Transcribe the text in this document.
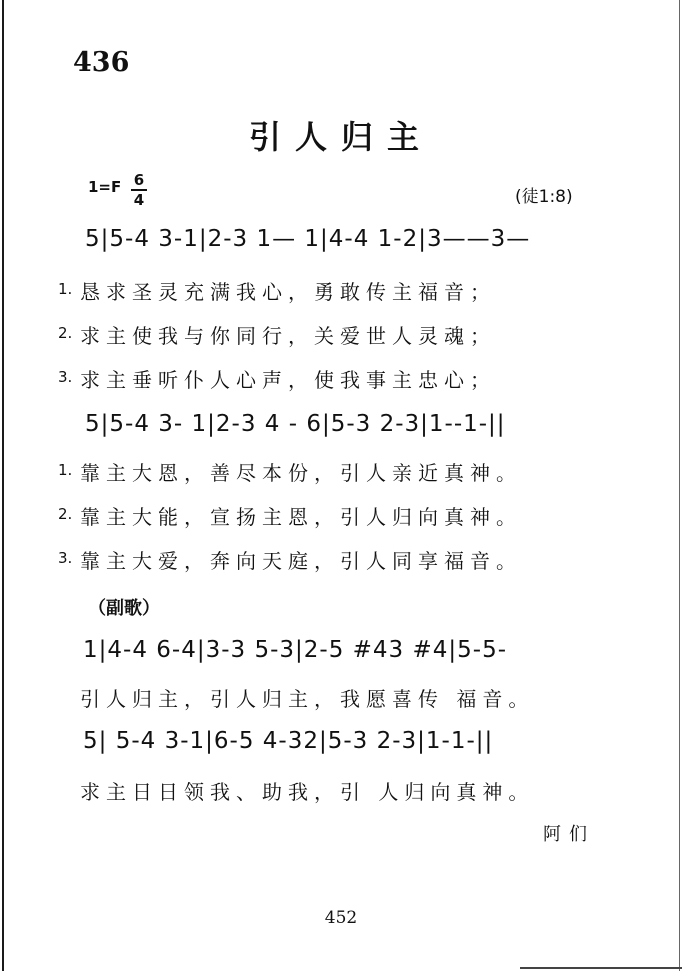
436
引人归主
1=F 6
4	(徒1:8)
5|5-4 3-1|2-3 1— 1|4-4 1-2|3——3—
1. 恳求圣灵充满我心，勇敢传主福音；
2. 求主使我与你同行，关爱世人灵魂；
3. 求主垂听仆人心声，使我事主忠心；
5|5-4 3- 1|2-3 4 - 6|5-3 2-3|1--1-||
1. 靠主大恩，善尽本份，引人亲近真神。
2. 靠主大能，宣扬主恩，引人归向真神。
3. 靠主大爱，奔向天庭，引人同享福音。
（副歌）
1|4-4 6-4|3-3 5-3|2-5 #43 #4|5-5-
引人归主，引人归主，我愿喜传 福音。
5| 5-4 3-1|6-5 4-32|5-3 2-3|1-1-||
求主日日领我、助我，引 人归向真神。
阿们
452
